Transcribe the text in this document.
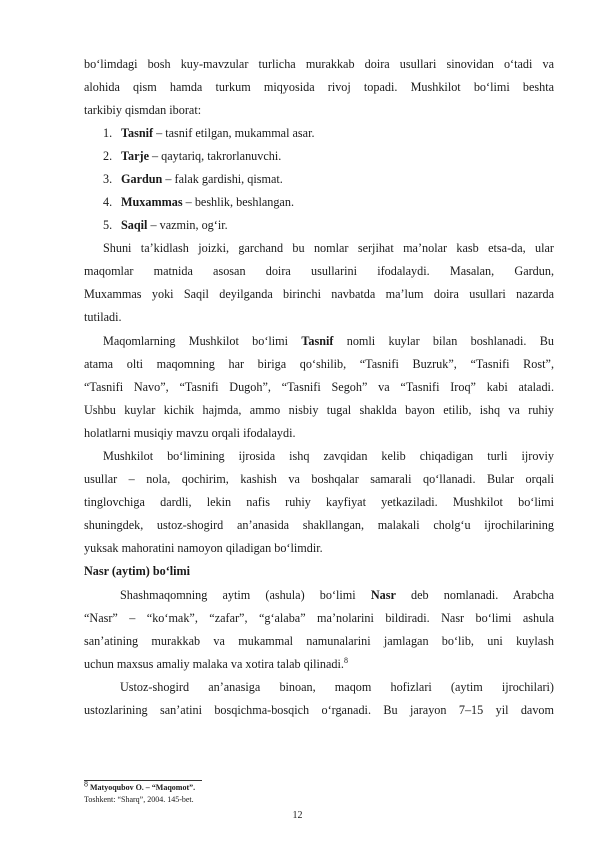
bo‘limdagi bosh kuy-mavzular turlicha murakkab doira usullari sinovidan o‘tadi va
alohida qism hamda turkum miqyosida rivoj topadi. Mushkilot bo‘limi beshta
tarkibiy qismdan iborat:
1. Tasnif – tasnif etilgan, mukammal asar.
2. Tarje – qaytariq, takrorlanuvchi.
3. Gardun – falak gardishi, qismat.
4. Muxammas – beshlik, beshlangan.
5. Saqil – vazmin, og‘ir.
Shuni ta’kidlash joizki, garchand bu nomlar serjihat ma’nolar kasb etsa-da, ular
maqomlar matnida asosan doira usullarini ifodalaydi. Masalan, Gardun,
Muxammas yoki Saqil deyilganda birinchi navbatda ma’lum doira usullari nazarda
tutiladi.
Maqomlarning Mushkilot bo‘limi Tasnif nomli kuylar bilan boshlanadi. Bu
atama olti maqomning har biriga qo‘shilib, “Tasnifi Buzruk”, “Tasnifi Rost”,
“Tasnifi Navo”, “Tasnifi Dugoh”, “Tasnifi Segoh” va “Tasnifi Iroq” kabi ataladi.
Ushbu kuylar kichik hajmda, ammo nisbiy tugal shaklda bayon etilib, ishq va ruhiy
holatlarni musiqiy mavzu orqali ifodalaydi.
Mushkilot bo‘limining ijrosida ishq zavqidan kelib chiqadigan turli ijroviy
usullar – nola, qochirim, kashish va boshqalar samarali qo‘llanadi. Bular orqali
tinglovchiga dardli, lekin nafis ruhiy kayfiyat yetkaziladi. Mushkilot bo‘limi
shuningdek, ustoz-shogird an’anasida shakllangan, malakali cholg‘u ijrochilarining
yuksak mahoratini namoyon qiladigan bo‘limdir.
Nasr (aytim) bo‘limi
Shashmaqomning aytim (ashula) bo‘limi Nasr deb nomlanadi. Arabcha
“Nasr” – “ko‘mak”, “zafar”, “g‘alaba” ma’nolarini bildiradi. Nasr bo‘limi ashula
san’atining murakkab va mukammal namunalarini jamlagan bo‘lib, uni kuylash
uchun maxsus amaliy malaka va xotira talab qilinadi.$^8$
Ustoz-shogird an’anasiga binoan, maqom hofizlari (aytim ijrochilari)
ustozlarining san’atini bosqichma-bosqich o‘rganadi. Bu jarayon 7–15 yil davom
$^8$ Matyoqubov O. – “Maqomot”.
Toshkent: “Sharq”, 2004. 145-bet.
12
